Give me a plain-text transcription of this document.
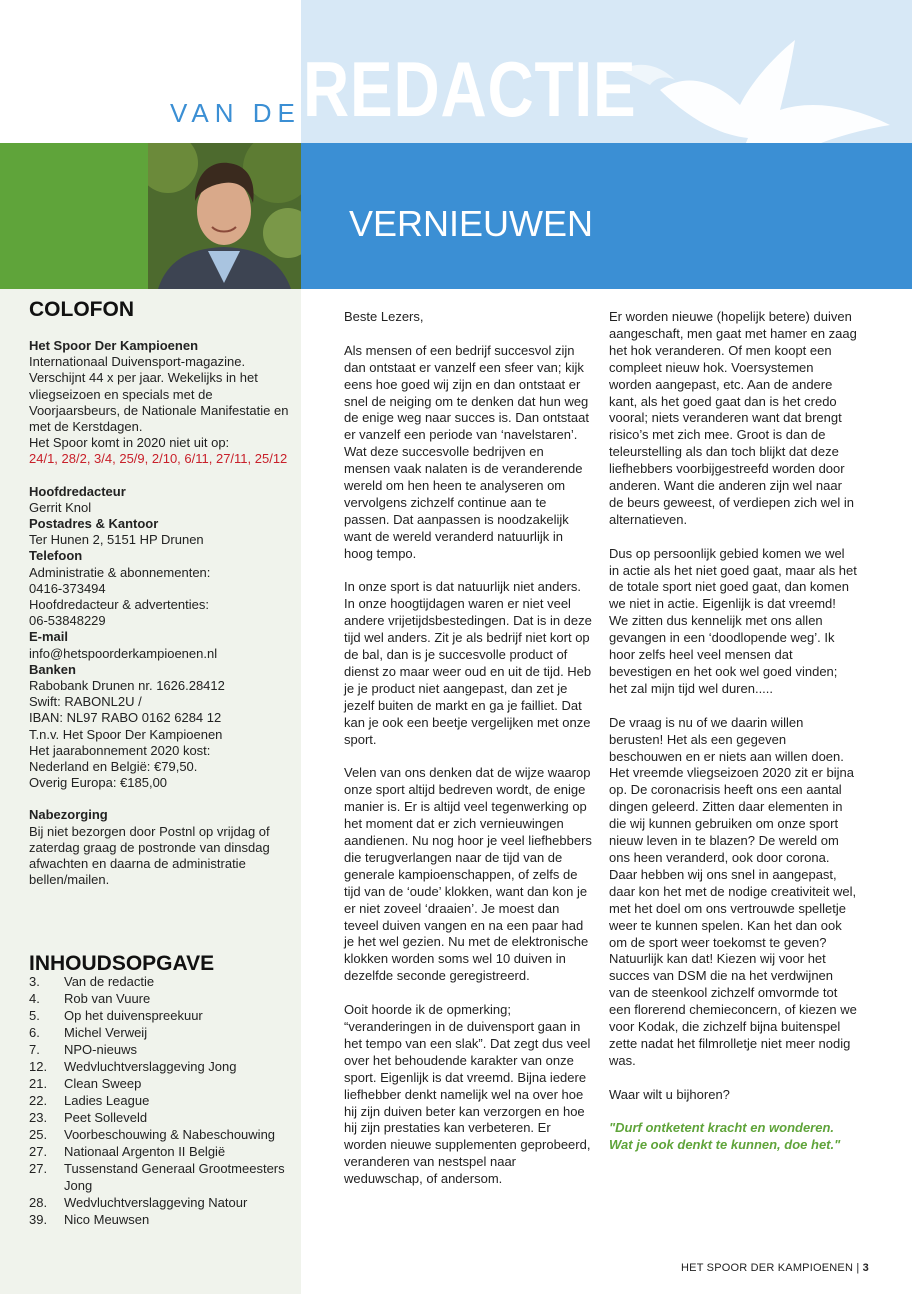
VAN DE REDACTIE
VERNIEUWEN
COLOFON

Het Spoor Der Kampioenen

Internationaal Duivensport-magazine. Verschijnt 44 x per jaar. Wekelijks in het vliegseizoen en specials met de Voorjaarsbeurs, de Nationale Manifestatie en met de Kerstdagen.

Het Spoor komt in 2020 niet uit op:

24/1, 28/2, 3/4, 25/9, 2/10, 6/11, 27/11, 25/12

Hoofdredacteur

Gerrit Knol

Postadres & Kantoor

Ter Hunen 2, 5151 HP Drunen

Telefoon

Administratie & abonnementen:

0416-373494

Hoofdredacteur & advertenties:

06-53848229

E-mail

info@hetspoorderkampioenen.nl

Banken

Rabobank Drunen nr. 1626.28412

Swift: RABONL2U /

IBAN: NL97 RABO 0162 6284 12

T.n.v. Het Spoor Der Kampioenen

Het jaarabonnement 2020 kost:

Nederland en België: €79,50.

Overig Europa: €185,00

Nabezorging

Bij niet bezorgen door Postnl op vrijdag of zaterdag graag de postronde van dinsdag afwachten en daarna de administratie bellen/mailen.

INHOUDSOPGAVE
3.	Van de redactie
4.	Rob van Vuure
5.	Op het duivenspreekuur
6.	Michel Verweij
7.	NPO-nieuws
12.	Wedvluchtverslaggeving Jong
21.	Clean Sweep
22.	Ladies League
23.	Peet Solleveld
25.	Voorbeschouwing & Nabeschouwing
27.	Nationaal Argenton II België
27.	Tussenstand Generaal Grootmeesters Jong
28.	Wedvluchtverslaggeving Natour
39.	Nico Meuwsen

Beste Lezers,

Als mensen of een bedrijf succesvol zijn dan ontstaat er vanzelf een sfeer van; kijk eens hoe goed wij zijn en dan ontstaat er snel de neiging om te denken dat hun weg de enige weg naar succes is. Dan ontstaat er vanzelf een periode van ‘navelstaren’. Wat deze succesvolle bedrijven en mensen vaak nalaten is de veranderende wereld om hen heen te analyseren om vervolgens zichzelf continue aan te passen. Dat aanpassen is noodzakelijk want de wereld veranderd natuurlijk in hoog tempo.

In onze sport is dat natuurlijk niet anders. In onze hoogtijdagen waren er niet veel andere vrijetijdsbestedingen. Dat is in deze tijd wel anders. Zit je als bedrijf niet kort op de bal, dan is je succesvolle product of dienst zo maar weer oud en uit de tijd. Heb je je product niet aangepast, dan zet je jezelf buiten de markt en ga je failliet. Dat kan je ook een beetje vergelijken met onze sport.

Velen van ons denken dat de wijze waarop onze sport altijd bedreven wordt, de enige manier is. Er is altijd veel tegenwerking op het moment dat er zich vernieuwingen aandienen. Nu nog hoor je veel liefhebbers die terugverlangen naar de tijd van de generale kampioenschappen, of zelfs de tijd van de ‘oude’ klokken, want dan kon je er niet zoveel ‘draaien’. Je moest dan teveel duiven vangen en na een paar had je het wel gezien. Nu met de elektronische klokken worden soms wel 10 duiven in dezelfde seconde geregistreerd.

Ooit hoorde ik de opmerking; “veranderingen in de duivensport gaan in het tempo van een slak”. Dat zegt dus veel over het behoudende karakter van onze sport. Eigenlijk is dat vreemd. Bijna iedere liefhebber denkt namelijk wel na over hoe hij zijn duiven beter kan verzorgen en hoe hij zijn prestaties kan verbeteren. Er worden nieuwe supplementen geprobeerd, veranderen van nestspel naar weduwschap, of andersom.

Er worden nieuwe (hopelijk betere) duiven aangeschaft, men gaat met hamer en zaag het hok veranderen. Of men koopt een compleet nieuw hok. Voersystemen worden aangepast, etc. Aan de andere kant, als het goed gaat dan is het credo vooral; niets veranderen want dat brengt risico’s met zich mee. Groot is dan de teleurstelling als dan toch blijkt dat deze liefhebbers voorbijgestreefd worden door anderen. Want die anderen zijn wel naar de beurs geweest, of verdiepen zich wel in alternatieven.

Dus op persoonlijk gebied komen we wel in actie als het niet goed gaat, maar als het de totale sport niet goed gaat, dan komen we niet in actie. Eigenlijk is dat vreemd! We zitten dus kennelijk met ons allen gevangen in een ‘doodlopende weg’. Ik hoor zelfs heel veel mensen dat bevestigen en het ook wel goed vinden; het zal mijn tijd wel duren.....

De vraag is nu of we daarin willen berusten! Het als een gegeven beschouwen en er niets aan willen doen. Het vreemde vliegseizoen 2020 zit er bijna op. De coronacrisis heeft ons een aantal dingen geleerd. Zitten daar elementen in die wij kunnen gebruiken om onze sport nieuw leven in te blazen? De wereld om ons heen veranderd, ook door corona. Daar hebben wij ons snel in aangepast, daar kon het met de nodige creativiteit wel, met het doel om ons vertrouwde spelletje weer te kunnen spelen. Kan het dan ook om de sport weer toekomst te geven? Natuurlijk kan dat! Kiezen wij voor het succes van DSM die na het verdwijnen van de steenkool zichzelf omvormde tot een florerend chemieconcern, of kiezen we voor Kodak, die zichzelf bijna buitenspel zette nadat het filmrolletje niet meer nodig was.

Waar wilt u bijhoren?

"Durf ontketent kracht en wonderen.
Wat je ook denkt te kunnen, doe het."
HET SPOOR DER KAMPIOENEN | 3
